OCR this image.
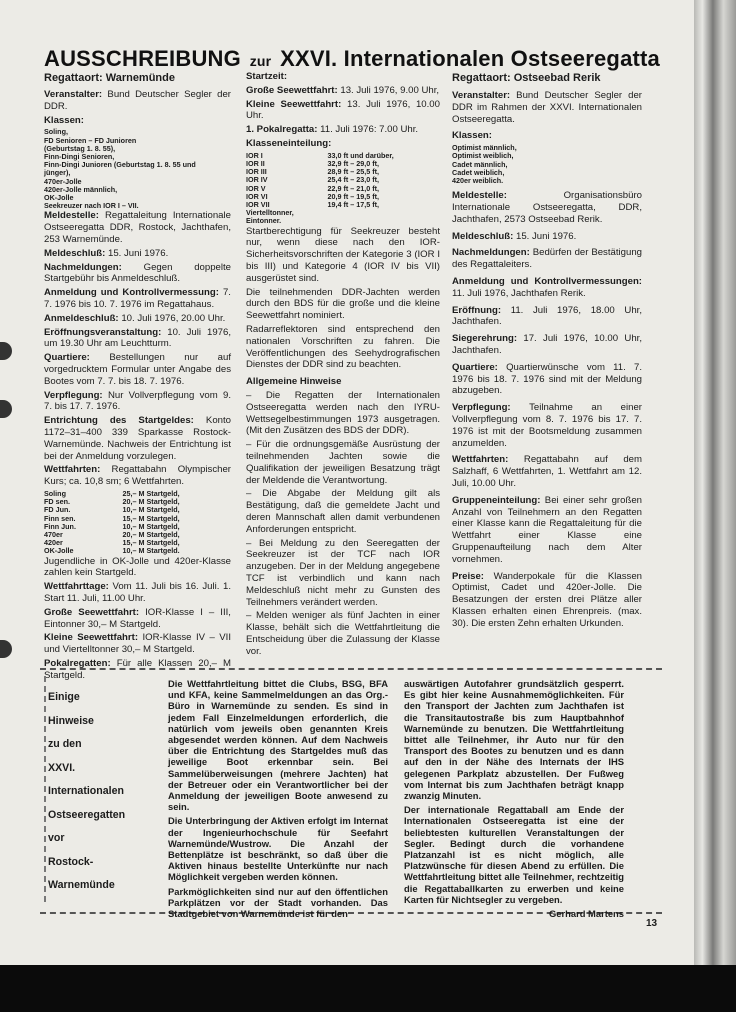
AUSSCHREIBUNG zur XXVI. Internationalen Ostseeregatta

Regattaort: Warnemünde

Veranstalter: Bund Deutscher Segler der DDR.

Klassen:

Soling,
FD Senioren – FD Junioren
(Geburtstag 1. 8. 55),
Finn-Dingi Senioren,
Finn-Dingi Junioren (Geburtstag 1. 8. 55 und
jünger),
470er-Jolle
420er-Jolle männlich,
OK-Jolle
Seekreuzer nach IOR I – VII.

Meldestelle: Regattaleitung Internationale Ostseeregatta DDR, Rostock, Jachthafen, 253 Warnemünde.

Meldeschluß: 15. Juni 1976.

Nachmeldungen: Gegen doppelte Startgebühr bis Anmeldeschluß.

Anmeldung und Kontrollvermessung: 7. 7. 1976 bis 10. 7. 1976 im Regattahaus.

Anmeldeschluß: 10. Juli 1976, 20.00 Uhr.

Eröffnungsveranstaltung: 10. Juli 1976, um 19.30 Uhr am Leuchtturm.

Quartiere: Bestellungen nur auf vorgedrucktem Formular unter Angabe des Bootes vom 7. 7. bis 18. 7. 1976.

Verpflegung: Nur Vollverpflegung vom 9. 7. bis 17. 7. 1976.

Entrichtung des Startgeldes: Konto 1172–31–400 339 Sparkasse Rostock-Warnemünde. Nachweis der Entrichtung ist bei der Anmeldung vorzulegen.

Wettfahrten: Regattabahn Olympischer Kurs; ca. 10,8 sm; 6 Wettfahrten.

Soling	25,– M Startgeld,
FD sen.	20,– M Startgeld,
FD Jun.	10,– M Startgeld,
Finn sen.	15,– M Startgeld,
Finn Jun.	10,– M Startgeld,
470er	20,– M Startgeld,
420er	15,– M Startgeld,
OK-Jolle	10,– M Startgeld.

Jugendliche in OK-Jolle und 420er-Klasse zahlen kein Startgeld.

Wettfahrttage: Vom 11. Juli bis 16. Juli. 1. Start 11. Juli, 11.00 Uhr.

Große Seewettfahrt: IOR-Klasse I – III, Eintonner 30,– M Startgeld.

Kleine Seewettfahrt: IOR-Klasse IV – VII und Viertelltonner 30,– M Startgeld.

Pokalregatten: Für alle Klassen 20,– M Startgeld.

Startzeit:

Große Seewettfahrt: 13. Juli 1976, 9.00 Uhr,

Kleine Seewettfahrt: 13. Juli 1976, 10.00 Uhr.

1. Pokalregatta: 11. Juli 1976: 7.00 Uhr.

Klasseneinteilung:

IOR I	33,0 ft und darüber,
IOR II	32,9 ft – 29,0 ft,
IOR III	28,9 ft – 25,5 ft,
IOR IV	25,4 ft – 23,0 ft,
IOR V	22,9 ft – 21,0 ft,
IOR VI	20,9 ft – 19,5 ft,
IOR VII	19,4 ft – 17,5 ft,
Viertelltonner,	
Eintonner.	

Startberechtigung für Seekreuzer besteht nur, wenn diese nach den IOR-Sicherheitsvorschriften der Kategorie 3 (IOR I bis III) und Kategorie 4 (IOR IV bis VII) ausgerüstet sind.

Die teilnehmenden DDR-Jachten werden durch den BDS für die große und die kleine Seewettfahrt nominiert.

Radarreflektoren sind entsprechend den nationalen Vorschriften zu fahren. Die Veröffentlichungen des Seehydrografischen Dienstes der DDR sind zu beachten.

Allgemeine Hinweise

– Die Regatten der Internationalen Ostseeregatta werden nach den IYRU-Wettsegelbestimmungen 1973 ausgetragen. (Mit den Zusätzen des BDS der DDR).

– Für die ordnungsgemäße Ausrüstung der teilnehmenden Jachten sowie die Qualifikation der jeweiligen Besatzung trägt der Meldende die Verantwortung.

– Die Abgabe der Meldung gilt als Bestätigung, daß die gemeldete Jacht und deren Mannschaft allen damit verbundenen Anforderungen entspricht.

– Bei Meldung zu den Seeregatten der Seekreuzer ist der TCF nach IOR anzugeben. Der in der Meldung angegebene TCF ist verbindlich und kann nach Meldeschluß nicht mehr zu Gunsten des Teilnehmers verändert werden.

– Melden weniger als fünf Jachten in einer Klasse, behält sich die Wettfahrtleitung die Entscheidung über die Zulassung der Klasse vor.

Regattaort: Ostseebad Rerik

Veranstalter: Bund Deutscher Segler der DDR im Rahmen der XXVI. Internationalen Ostseeregatta.

Klassen:

Optimist männlich,
Optimist weiblich,
Cadet männlich,
Cadet weiblich,
420er weiblich.

Meldestelle:	Organisationsbüro Internationale Ostseeregatta, DDR, Jachthafen, 2573 Ostseebad Rerik.

Meldeschluß: 15. Juni 1976.

Nachmeldungen: Bedürfen der Bestätigung des Regattaleiters.

Anmeldung und Kontrollvermessungen: 11. Juli 1976, Jachthafen Rerik.

Eröffnung: 11. Juli 1976, 18.00 Uhr, Jachthafen.

Siegerehrung: 17. Juli 1976, 10.00 Uhr, Jachthafen.

Quartiere: Quartierwünsche vom 11. 7. 1976 bis 18. 7. 1976 sind mit der Meldung abzugeben.

Verpflegung: Teilnahme an einer Vollverpflegung vom 8. 7. 1976 bis 17. 7. 1976 ist mit der Bootsmeldung zusammen anzumelden.

Wettfahrten: Regattabahn auf dem Salzhaff, 6 Wettfahrten, 1. Wettfahrt am 12. Juli, 10.00 Uhr.

Gruppeneinteilung: Bei einer sehr großen Anzahl von Teilnehmern an den Regatten einer Klasse kann die Regattaleitung für die Wettfahrt einer Klasse eine Gruppenaufteilung nach dem Alter vornehmen.

Preise: Wanderpokale für die Klassen Optimist, Cadet und 420er-Jolle. Die Besatzungen der ersten drei Plätze aller Klassen erhalten einen Ehrenpreis. (max. 30). Die ersten Zehn erhalten Urkunden.

Einige
Hinweise
zu den
XXVI.
Internationalen
Ostseeregatten
vor
Rostock-
Warnemünde

Die Wettfahrtleitung bittet die Clubs, BSG, BFA und KFA, keine Sammelmeldungen an das Org.-Büro in Warnemünde zu senden. Es sind in jedem Fall Einzelmeldungen erforderlich, die natürlich vom jeweils oben genannten Kreis abgesendet werden können. Auf dem Nachweis über die Entrichtung des Startgeldes muß das jeweilige Boot erkennbar sein. Bei Sammelüberweisungen (mehrere Jachten) hat der Betreuer oder ein Verantwortlicher bei der Anmeldung der jeweiligen Boote anwesend zu sein.

Die Unterbringung der Aktiven erfolgt im Internat der Ingenieurhochschule für Seefahrt Warnemünde/Wustrow. Die Anzahl der Bettenplätze ist beschränkt, so daß über die Aktiven hinaus bestellte Unterkünfte nur nach Möglichkeit vergeben werden können.

Parkmöglichkeiten sind nur auf den öffentlichen Parkplätzen vor der Stadt vorhanden. Das Stadtgebiet von Warnemünde ist für den

auswärtigen Autofahrer grundsätzlich gesperrt. Es gibt hier keine Ausnahmemöglichkeiten. Für den Transport der Jachten zum Jachthafen ist die Transitautostraße bis zum Hauptbahnhof Warnemünde zu benutzen. Die Wettfahrtleitung bittet alle Teilnehmer, ihr Auto nur für den Transport des Bootes zu benutzen und es dann auf den in der Nähe des Internats der IHS gelegenen Parkplatz abzustellen. Der Fußweg vom Internat bis zum Jachthafen beträgt knapp zwanzig Minuten.

Der internationale Regattaball am Ende der Internationalen Ostseeregatta ist eine der beliebtesten kulturellen Veranstaltungen der Segler. Bedingt durch die vorhandene Platzanzahl ist es nicht möglich, alle Platzwünsche für diesen Abend zu erfüllen. Die Wettfahrtleitung bittet alle Teilnehmer, rechtzeitig die Regattaballkarten zu erwerben und keine Karten für Nichtsegler zu vergeben.

Gerhard Martens
13
